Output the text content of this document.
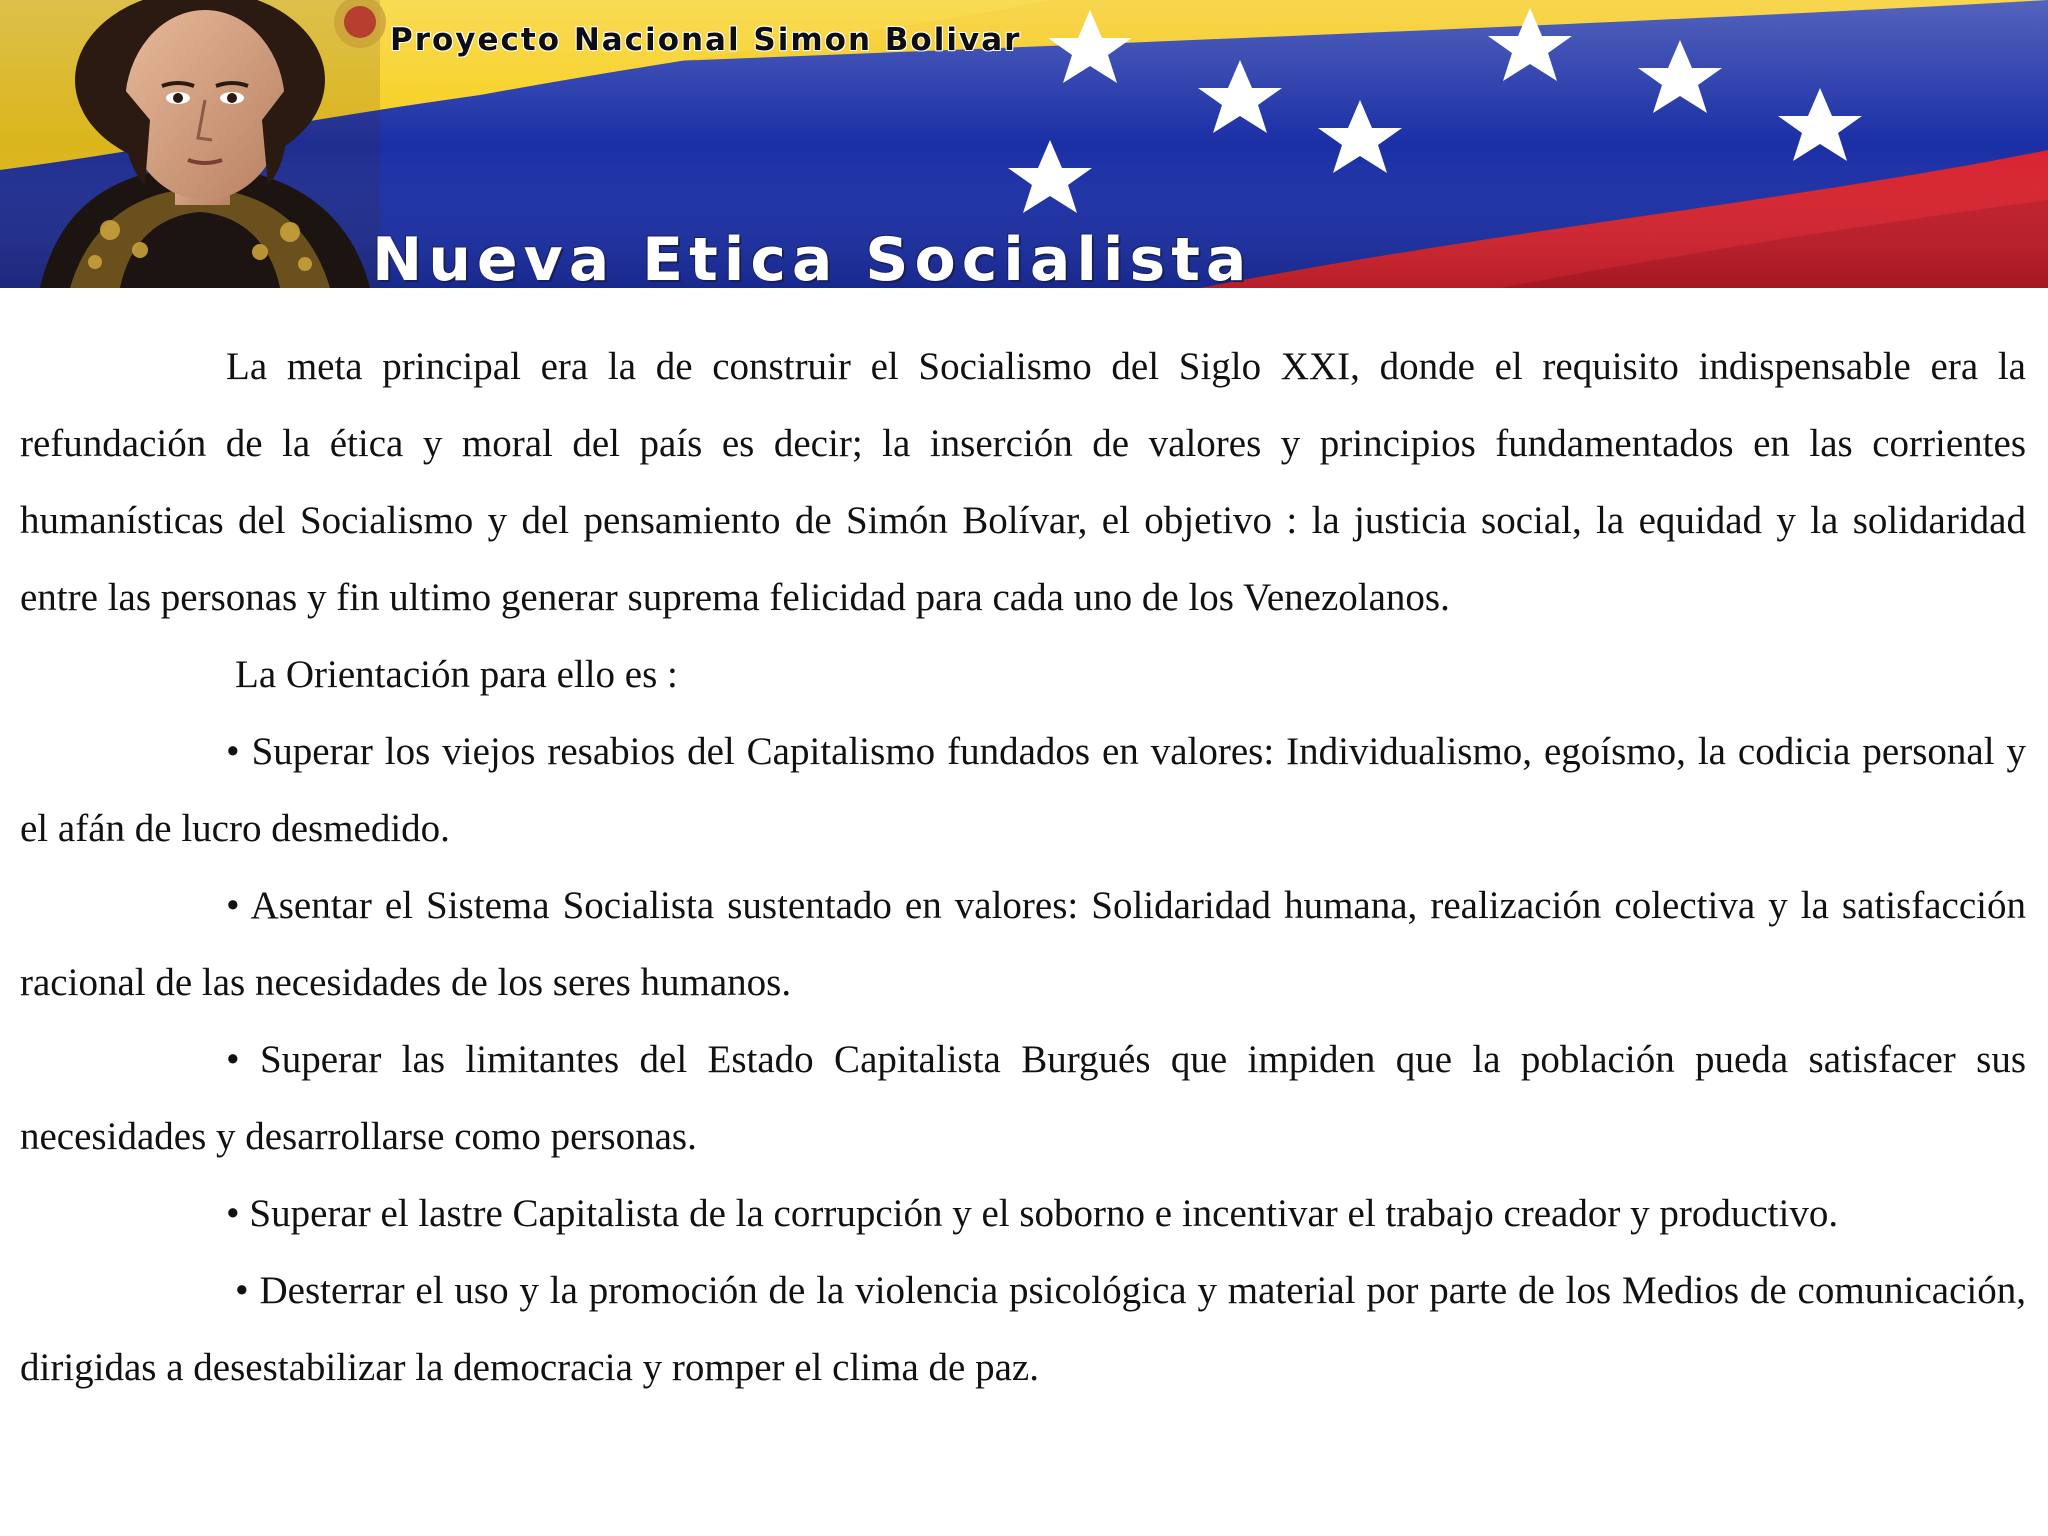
Proyecto Nacional Simon Bolivar
Nueva Etica Socialista

La meta principal era la de construir el Socialismo del Siglo XXI, donde el requisito indispensable era la refundación de la ética y moral del país es decir; la inserción de valores y principios fundamentados en las corrientes humanísticas del Socialismo y del pensamiento de Simón Bolívar, el objetivo : la justicia social, la equidad y la solidaridad entre las personas y fin ultimo generar suprema felicidad para cada uno de los Venezolanos.

La Orientación para ello es :

• Superar los viejos resabios del Capitalismo fundados en valores: Individualismo, egoísmo, la codicia personal y el afán de lucro desmedido.

• Asentar el Sistema Socialista sustentado en valores: Solidaridad humana, realización colectiva y la satisfacción racional de las necesidades de los seres humanos.

• Superar las limitantes del Estado Capitalista Burgués que impiden que la población pueda satisfacer sus necesidades y desarrollarse como personas.

• Superar el lastre Capitalista de la corrupción y el soborno e incentivar el trabajo creador y productivo.

• Desterrar el uso y la promoción de la violencia psicológica y material por parte de los Medios de comunicación, dirigidas a desestabilizar la democracia y romper el clima de paz.
